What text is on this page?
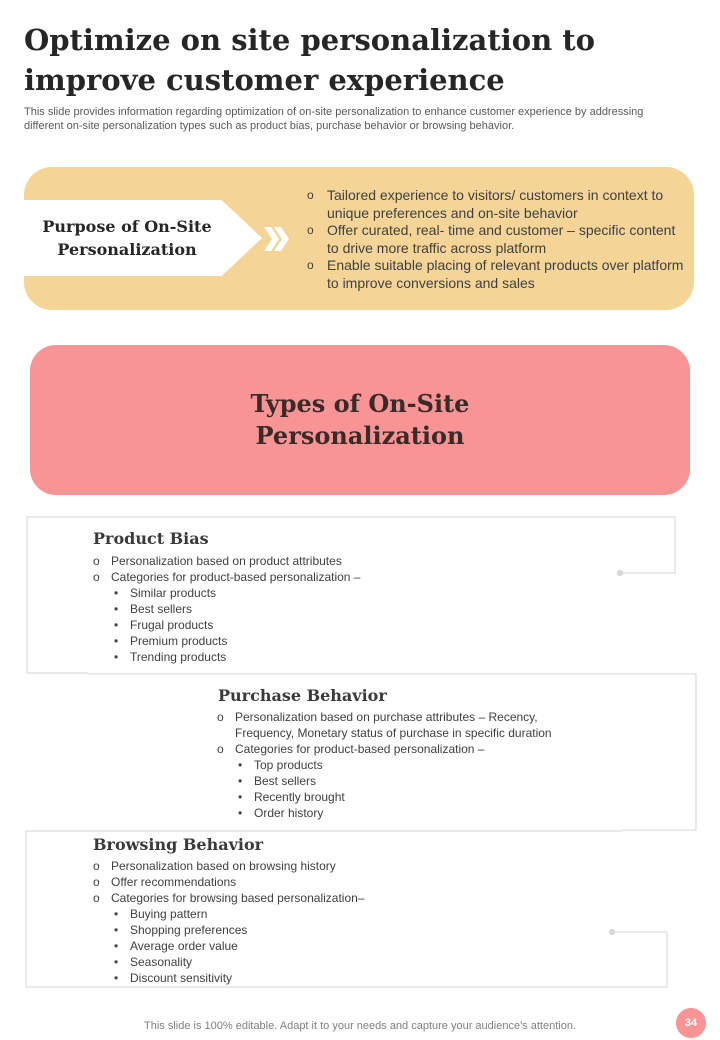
Optimize on site personalization to improve customer experience
This slide provides information regarding optimization of on-site personalization to enhance customer experience by addressing different on-site personalization types such as product bias, purchase behavior or browsing behavior.
Purpose of On-Site Personalization
o Tailored experience to visitors/ customers in context to unique preferences and on-site behavior
o Offer curated, real- time and customer – specific content to drive more traffic across platform
o Enable suitable placing of relevant products over platform to improve conversions and sales
Types of On-Site Personalization
Product Bias
o Personalization based on product attributes
o Categories for product-based personalization –
• Similar products
• Best sellers
• Frugal products
• Premium products
• Trending products
Purchase Behavior
o Personalization based on purchase attributes – Recency, Frequency, Monetary status of purchase in specific duration
o Categories for product-based personalization –
• Top products
• Best sellers
• Recently brought
• Order history
Browsing Behavior
o Personalization based on browsing history
o Offer recommendations
o Categories for browsing based personalization–
• Buying pattern
• Shopping preferences
• Average order value
• Seasonality
• Discount sensitivity
This slide is 100% editable. Adapt it to your needs and capture your audience's attention.	34
